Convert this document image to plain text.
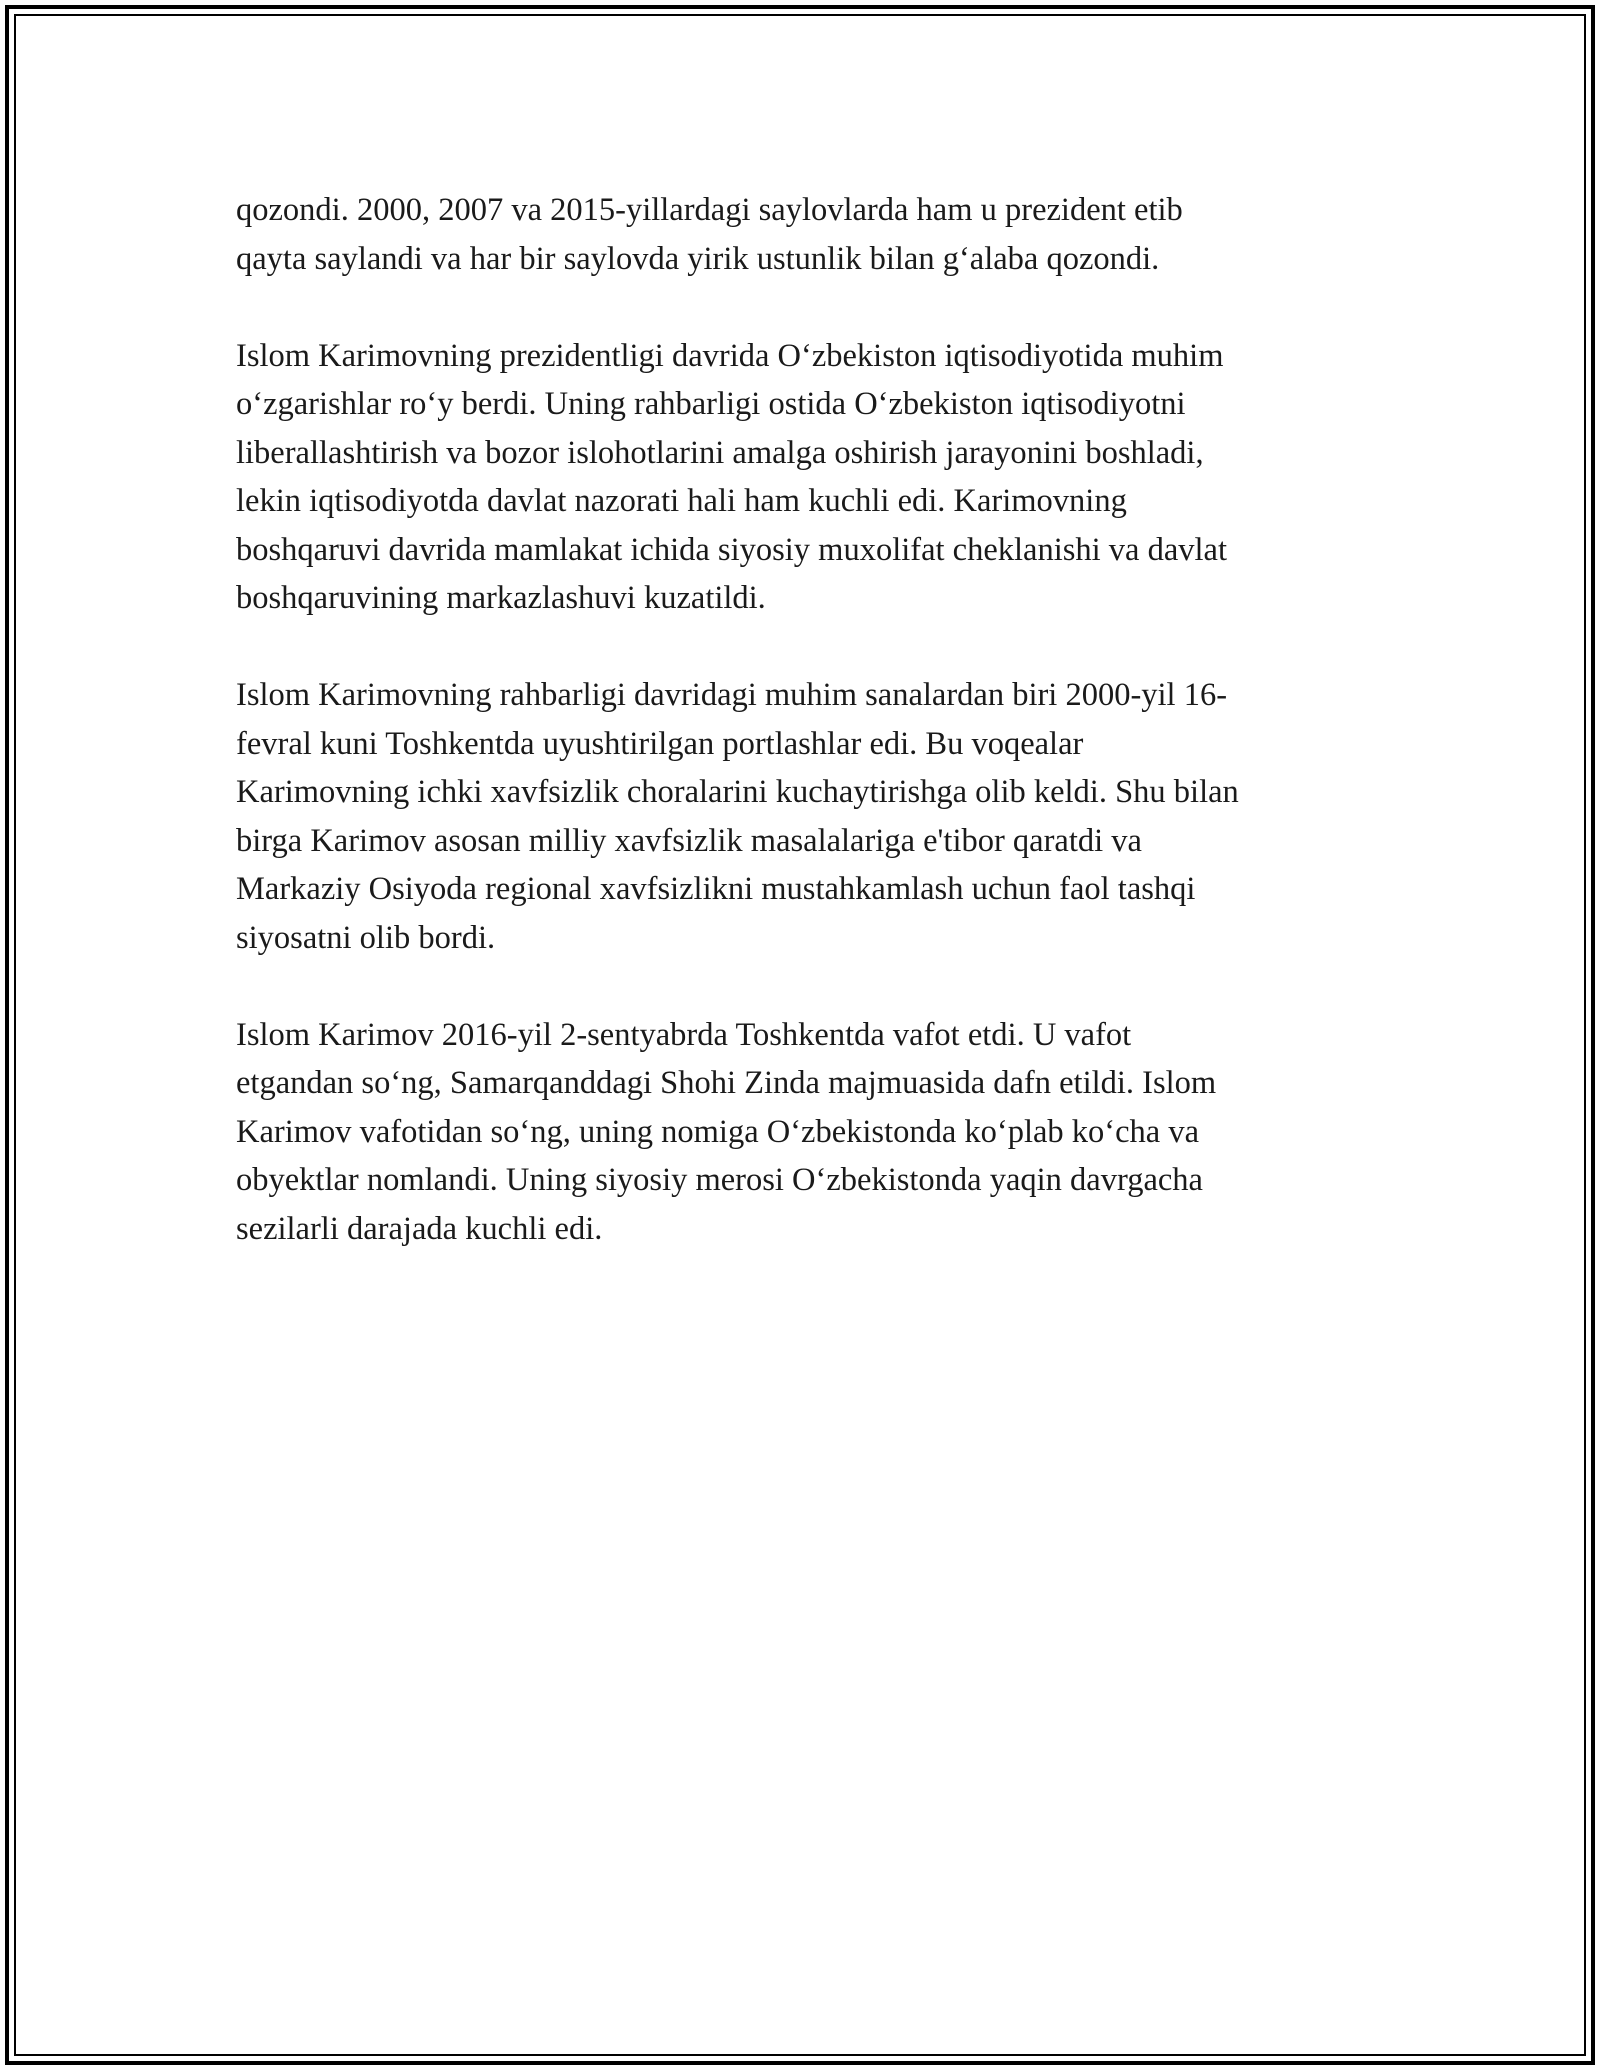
qozondi. 2000, 2007 va 2015-yillardagi saylovlarda ham u prezident etib
qayta saylandi va har bir saylovda yirik ustunlik bilan g‘alaba qozondi.

Islom Karimovning prezidentligi davrida O‘zbekiston iqtisodiyotida muhim
o‘zgarishlar ro‘y berdi. Uning rahbarligi ostida O‘zbekiston iqtisodiyotni
liberallashtirish va bozor islohotlarini amalga oshirish jarayonini boshladi,
lekin iqtisodiyotda davlat nazorati hali ham kuchli edi. Karimovning
boshqaruvi davrida mamlakat ichida siyosiy muxolifat cheklanishi va davlat
boshqaruvining markazlashuvi kuzatildi.

Islom Karimovning rahbarligi davridagi muhim sanalardan biri 2000-yil 16-
fevral kuni Toshkentda uyushtirilgan portlashlar edi. Bu voqealar
Karimovning ichki xavfsizlik choralarini kuchaytirishga olib keldi. Shu bilan
birga Karimov asosan milliy xavfsizlik masalalariga e'tibor qaratdi va
Markaziy Osiyoda regional xavfsizlikni mustahkamlash uchun faol tashqi
siyosatni olib bordi.

Islom Karimov 2016-yil 2-sentyabrda Toshkentda vafot etdi. U vafot
etgandan so‘ng, Samarqanddagi Shohi Zinda majmuasida dafn etildi. Islom
Karimov vafotidan so‘ng, uning nomiga O‘zbekistonda ko‘plab ko‘cha va
obyektlar nomlandi. Uning siyosiy merosi O‘zbekistonda yaqin davrgacha
sezilarli darajada kuchli edi.
